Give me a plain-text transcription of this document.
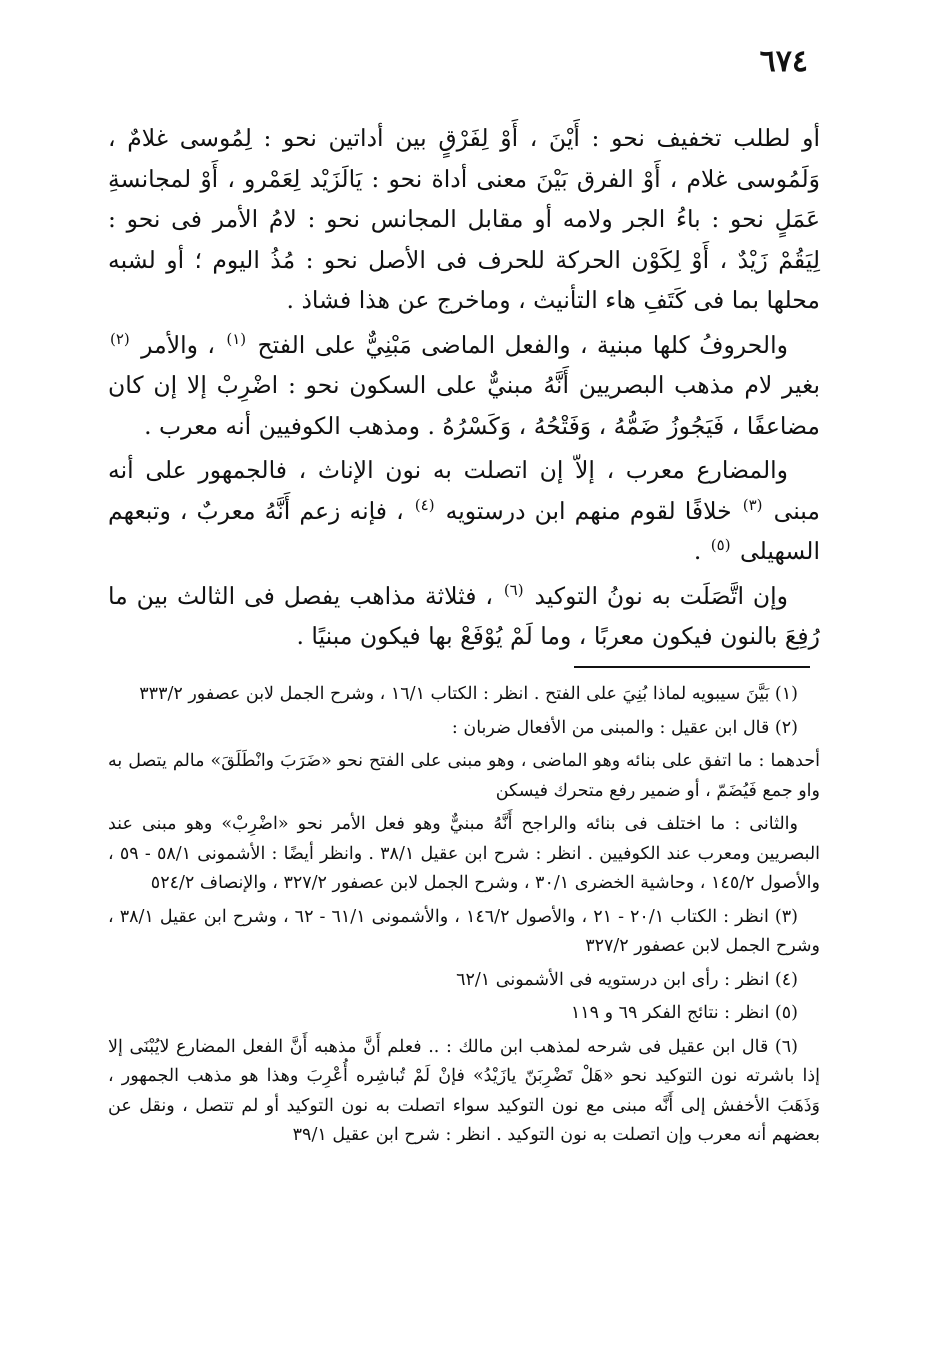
٦٧٤

أو لطلب تخفيف نحو : أَيْنَ ، أَوْ لِفَرْقٍ بين أداتين نحو : لِمُوسى غلامٌ ، وَلَمُوسى غلام ، أَوْ الفرق بَيْنَ معنى أداة نحو : يَالَزَيْد لِعَمْرو ، أَوْ لمجانسةِ عَمَلٍ نحو : باءُ الجر ولامه أو مقابل المجانس نحو : لامُ الأمر فى نحو : لِيَقُمْ زَيْدٌ ، أَوْ لِكَوْن الحركة للحرف فى الأصل نحو : مُذُ اليوم ؛ أو لشبه محلها بما فى كَتَفِ هاء التأنيث ، وماخرج عن هذا فشاذ .

والحروفُ كلها مبنية ، والفعل الماضى مَبْنِيٌّ على الفتح $^{(١)}$ ، والأمر $^{(٢)}$ بغير لام مذهب البصريين أَنَّهُ مبنيٌّ على السكون نحو : اضْرِبْ إلا إن كان مضاعفًا ، فَيَجُوزُ ضَمُّهُ ، وَفَتْحُهُ ، وَكَسْرُهُ . ومذهب الكوفيين أنه معرب .

والمضارع معرب ، إلاّ إن اتصلت به نون الإناث ، فالجمهور على أنه مبنى $^{(٣)}$ خلافًا لقوم منهم ابن درستويه $^{(٤)}$ ، فإنه زعم أَنَّهُ معربٌ ، وتبعهم السهيلى $^{(٥)}$ .

وإن اتَّصَلَت به نونُ التوكيد $^{(٦)}$ ، فثلاثة مذاهب يفصل فى الثالث بين ما رُفِعَ بالنون فيكون معربًا ، وما لَمْ يُوْفَعْ بها فيكون مبنيًا .

(١) بَيَّنَ سيبويه لماذا بُنِيَ على الفتح . انظر : الكتاب ١٦/١ ، وشرح الجمل لابن عصفور ٣٣٣/٢

(٢) قال ابن عقيل : والمبنى من الأفعال ضربان :

أحدهما : ما اتفق على بنائه وهو الماضى ، وهو مبنى على الفتح نحو «ضَرَبَ وانْطَلَقَ» مالم يتصل به واو جمع فَيُضَمّ ، أو ضمير رفع متحرك فيسكن

والثانى : ما اختلف فى بنائه والراجح أَنَّهُ مبنيٌّ وهو فعل الأمر نحو «اضْرِبْ» وهو مبنى عند البصريين ومعرب عند الكوفيين . انظر : شرح ابن عقيل ٣٨/١ . وانظر أيضًا : الأشمونى ٥٨/١ - ٥٩ ، والأصول ١٤٥/٢ ، وحاشية الخضرى ٣٠/١ ، وشرح الجمل لابن عصفور ٣٢٧/٢ ، والإنصاف ٥٢٤/٢

(٣) انظر : الكتاب ٢٠/١ - ٢١ ، والأصول ١٤٦/٢ ، والأشمونى ٦١/١ - ٦٢ ، وشرح ابن عقيل ٣٨/١ ، وشرح الجمل لابن عصفور ٣٢٧/٢

(٤) انظر : رأى ابن درستويه فى الأشمونى ٦٢/١

(٥) انظر : نتائج الفكر ٦٩ و ١١٩

(٦) قال ابن عقيل فى شرحه لمذهب ابن مالك : .. فعلم أَنَّ مذهبه أَنَّ الفعل المضارع لايُبْنَى إلا إذا باشرته نون التوكيد نحو «هَلْ تَضْرِبَنّ يازَيْدُ» فإنْ لَمْ تُباشِره أُعْرِبَ وهذا هو مذهب الجمهور ، وَذَهَبَ الأخفش إلى أَنَّه مبنى مع نون التوكيد سواء اتصلت به نون التوكيد أو لم تتصل ، ونقل عن بعضهم أنه معرب وإن اتصلت به نون التوكيد . انظر : شرح ابن عقيل ٣٩/١
